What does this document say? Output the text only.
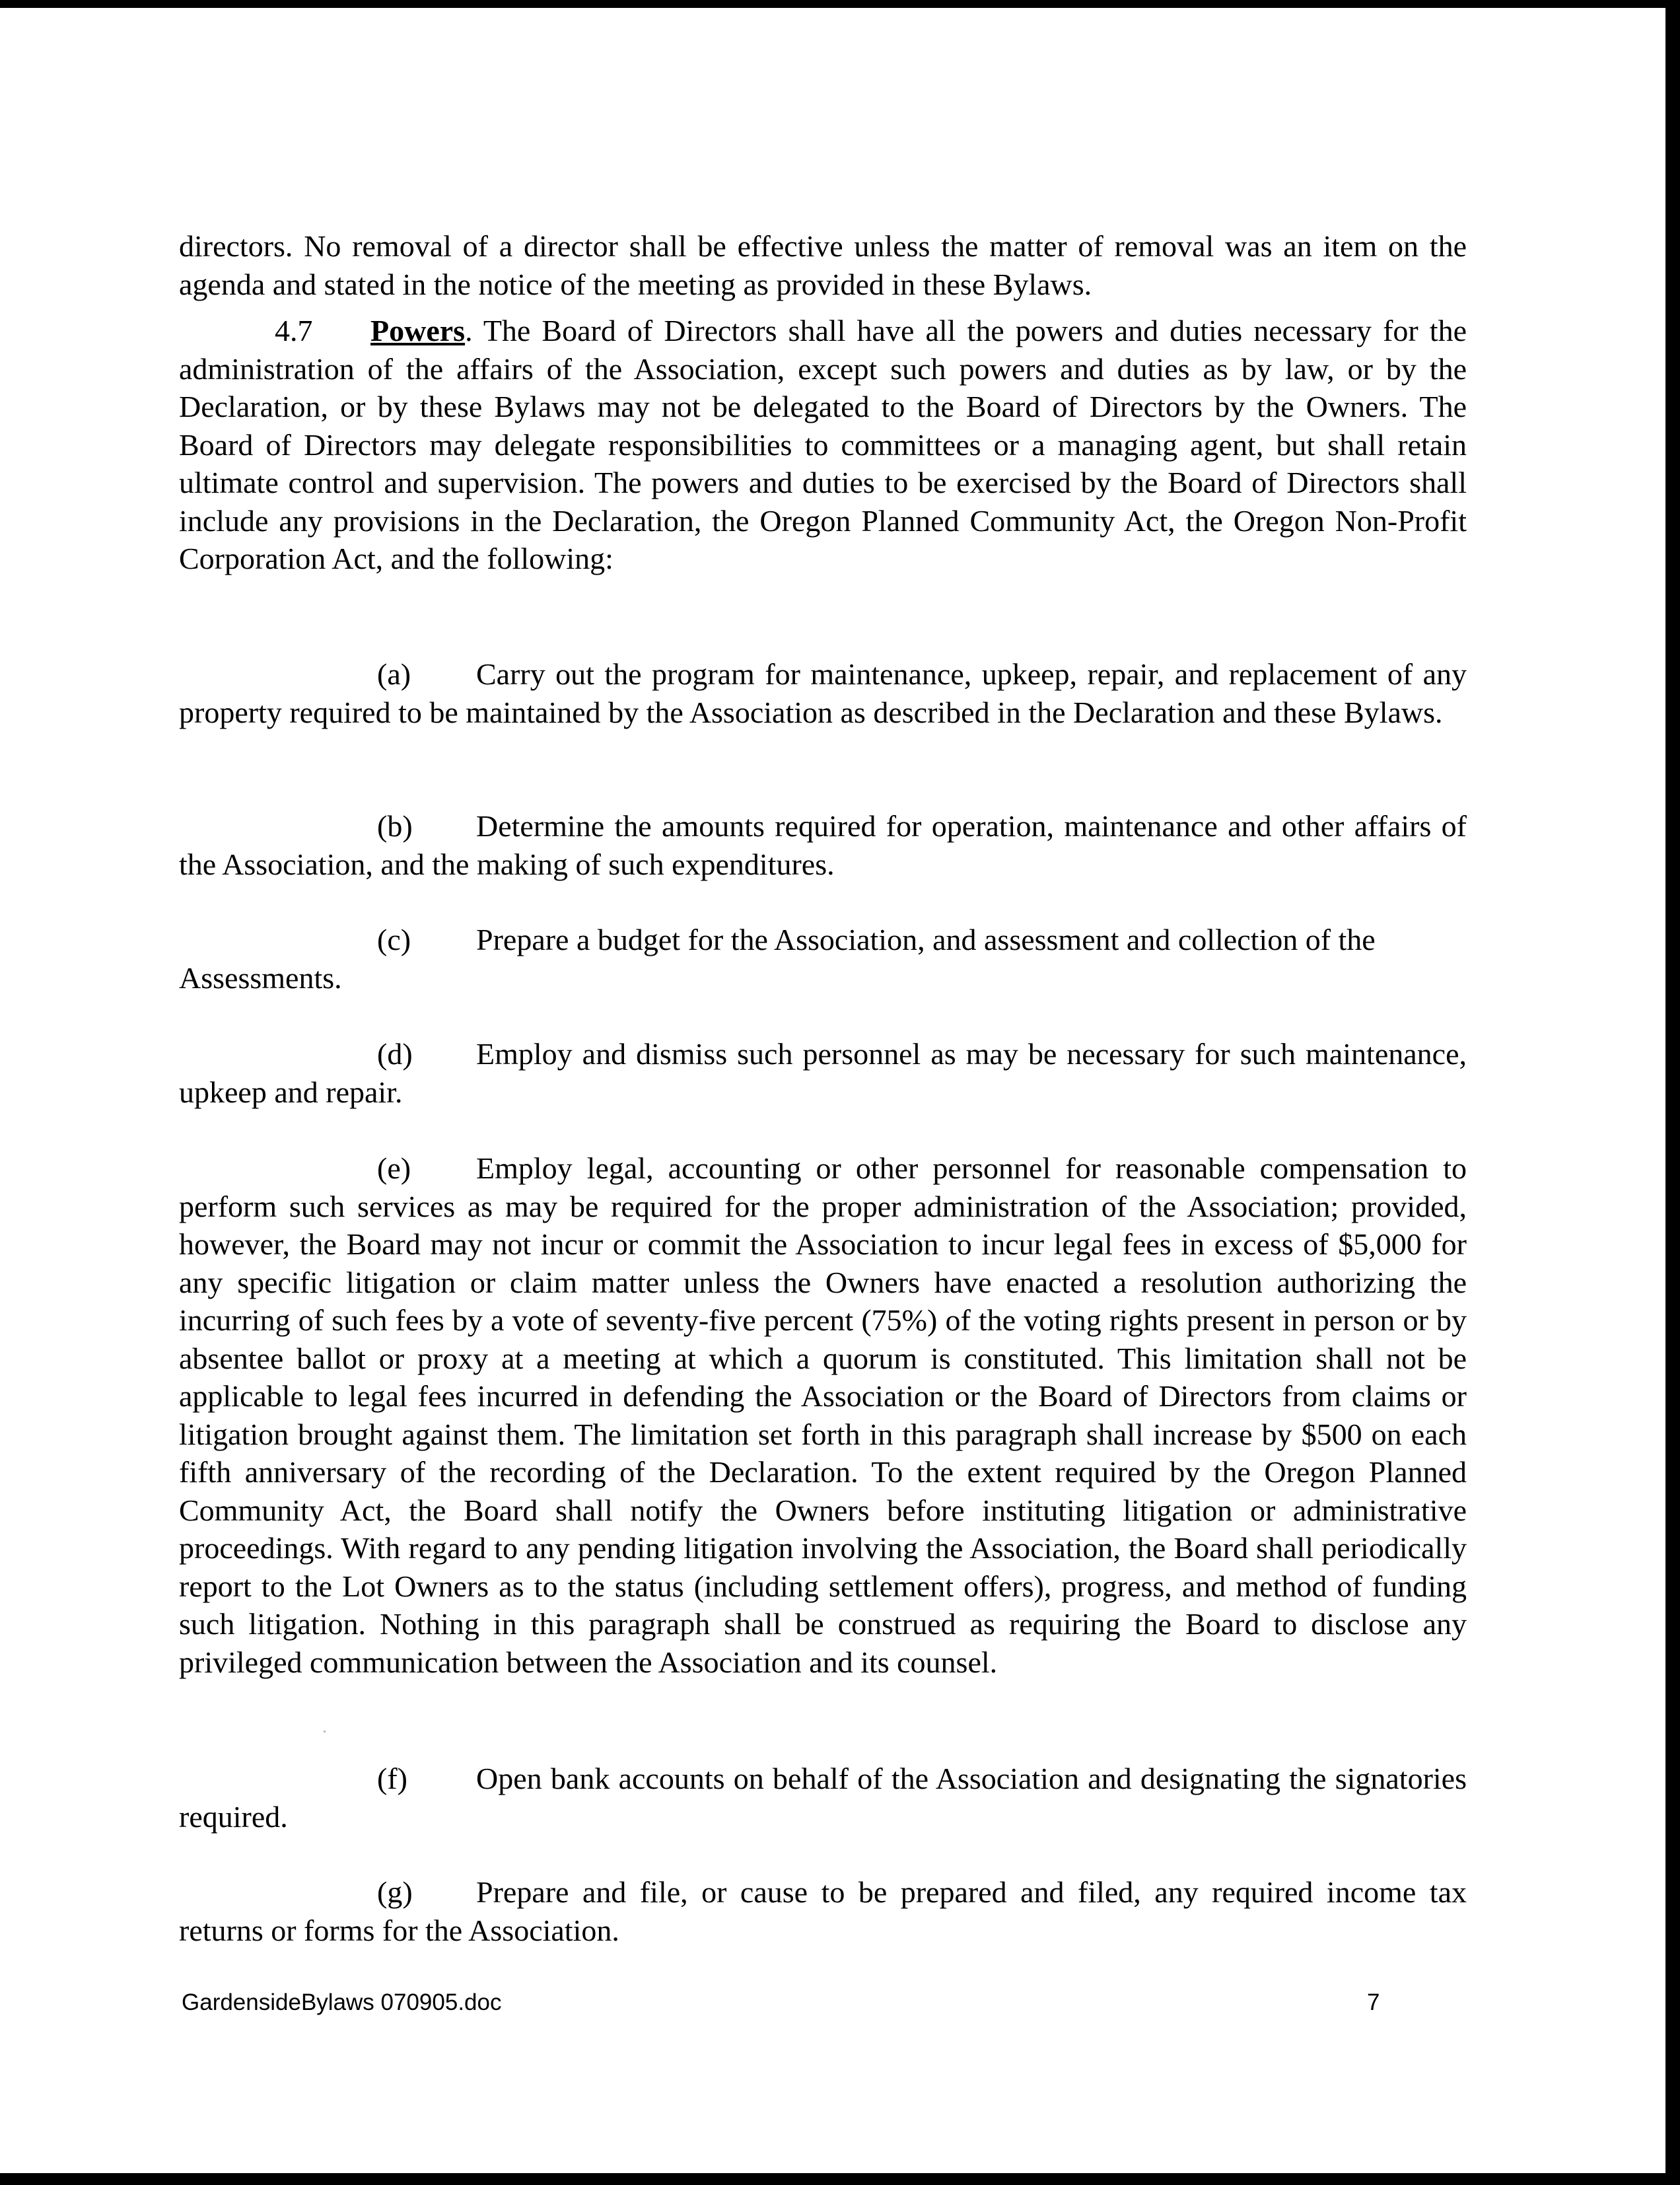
directors. No removal of a director shall be effective unless the matter of removal was an item on the agenda and stated in the notice of the meeting as provided in these Bylaws.

4.7 Powers. The Board of Directors shall have all the powers and duties necessary for the administration of the affairs of the Association, except such powers and duties as by law, or by the Declaration, or by these Bylaws may not be delegated to the Board of Directors by the Owners. The Board of Directors may delegate responsibilities to committees or a managing agent, but shall retain ultimate control and supervision. The powers and duties to be exercised by the Board of Directors shall include any provisions in the Declaration, the Oregon Planned Community Act, the Oregon Non-Profit Corporation Act, and the following:

(a) Carry out the program for maintenance, upkeep, repair, and replacement of any property required to be maintained by the Association as described in the Declaration and these Bylaws.

(b) Determine the amounts required for operation, maintenance and other affairs of the Association, and the making of such expenditures.

(c) Prepare a budget for the Association, and assessment and collection of the

Assessments.

(d) Employ and dismiss such personnel as may be necessary for such maintenance, upkeep and repair.

(e) Employ legal, accounting or other personnel for reasonable compensation to perform such services as may be required for the proper administration of the Association; provided, however, the Board may not incur or commit the Association to incur legal fees in excess of $5,000 for any specific litigation or claim matter unless the Owners have enacted a resolution authorizing the incurring of such fees by a vote of seventy-five percent (75%) of the voting rights present in person or by absentee ballot or proxy at a meeting at which a quorum is constituted. This limitation shall not be applicable to legal fees incurred in defending the Association or the Board of Directors from claims or litigation brought against them. The limitation set forth in this paragraph shall increase by $500 on each fifth anniversary of the recording of the Declaration. To the extent required by the Oregon Planned Community Act, the Board shall notify the Owners before instituting litigation or administrative proceedings. With regard to any pending litigation involving the Association, the Board shall periodically report to the Lot Owners as to the status (including settlement offers), progress, and method of funding such litigation. Nothing in this paragraph shall be construed as requiring the Board to disclose any privileged communication between the Association and its counsel.

(f) Open bank accounts on behalf of the Association and designating the signatories required.

(g) Prepare and file, or cause to be prepared and filed, any required income tax returns or forms for the Association.

GardensideBylaws 070905.doc	7
